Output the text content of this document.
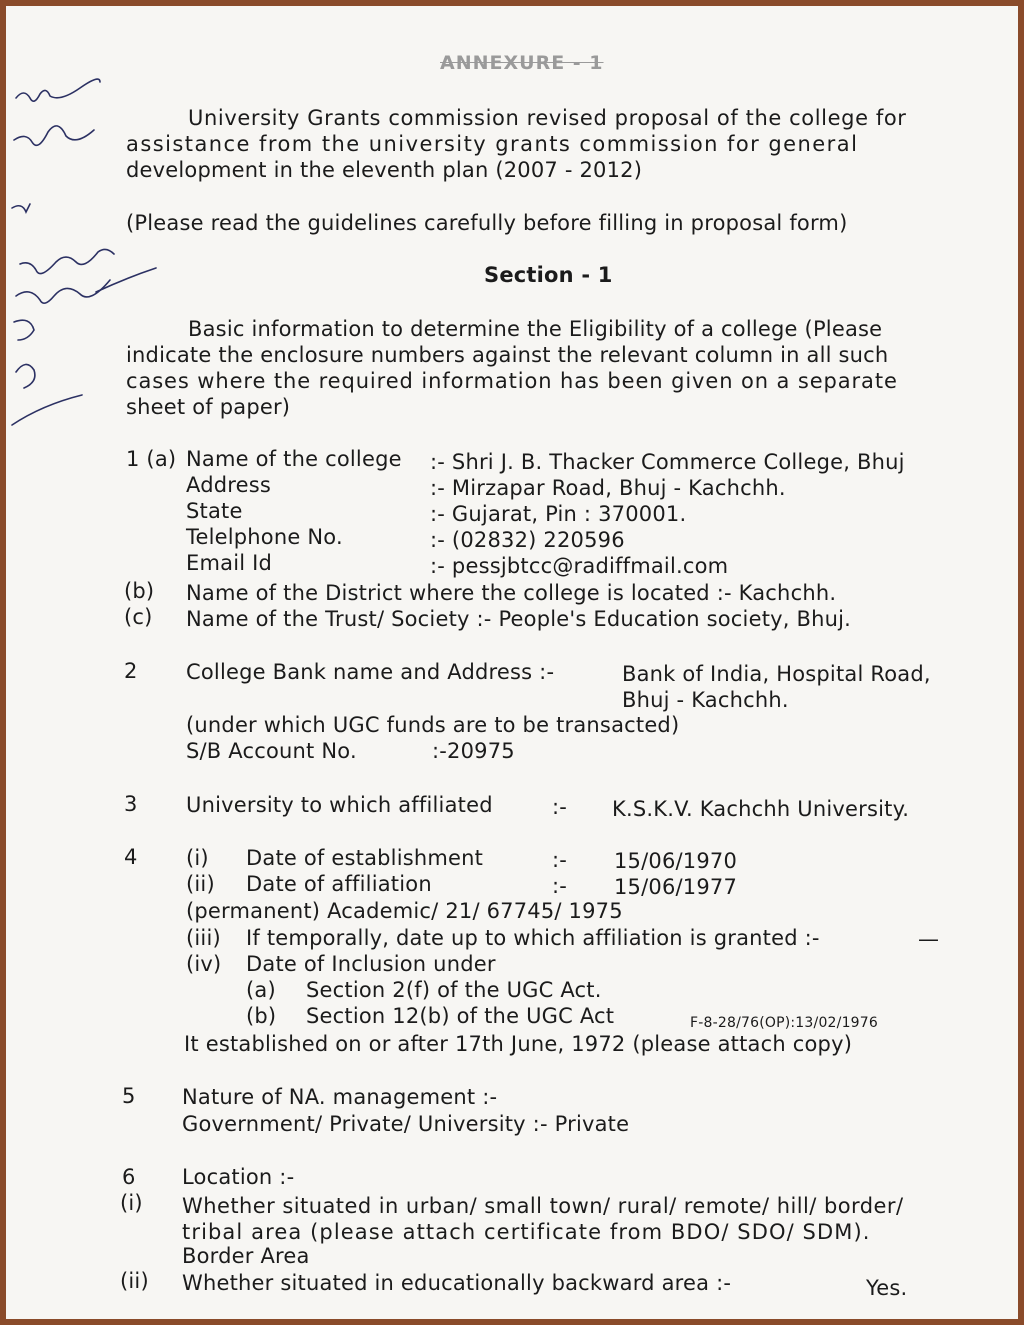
ANNEXURE - 1
University Grants commission revised proposal of the college for
assistance from the university grants commission for general
development in the eleventh plan (2007 - 2012)
(Please read the guidelines carefully before filling in proposal form)
Section - 1
Basic information to determine the Eligibility of a college (Please
indicate the enclosure numbers against the relevant column in all such
cases where the required information has been given on a separate
sheet of paper)
1 (a) Name of the college :- Shri J. B. Thacker Commerce College, Bhuj
Address	:- Mirzapar Road, Bhuj - Kachchh.
State	:- Gujarat, Pin : 370001.
Telelphone No.	:- (02832) 220596
Email Id	:- pessjbtcc@radiffmail.com
(b) Name of the District where the college is located :- Kachchh.
(c) Name of the Trust/ Society :- People's Education society, Bhuj.
2 College Bank name and Address :-	Bank of India, Hospital Road,
Bhuj - Kachchh.
(under which UGC funds are to be transacted)
S/B Account No.	:-20975
3 University to which affiliated	:- K.S.K.V. Kachchh University.
4 (i) Date of establishment	:- 15/06/1970
(ii) Date of affiliation	:- 15/06/1977
(permanent) Academic/ 21/ 67745/ 1975
(iii) If temporally, date up to which affiliation is granted :-	—
(iv) Date of Inclusion under
(a) Section 2(f) of the UGC Act.
(b) Section 12(b) of the UGC Act	F-8-28/76(OP):13/02/1976
It established on or after 17th June, 1972 (please attach copy)
5 Nature of NA. management :-
Government/ Private/ University :- Private
6 Location :-
(i) Whether situated in urban/ small town/ rural/ remote/ hill/ border/
tribal area (please attach certificate from BDO/ SDO/ SDM).
Border Area
(ii) Whether situated in educationally backward area :-	Yes.
